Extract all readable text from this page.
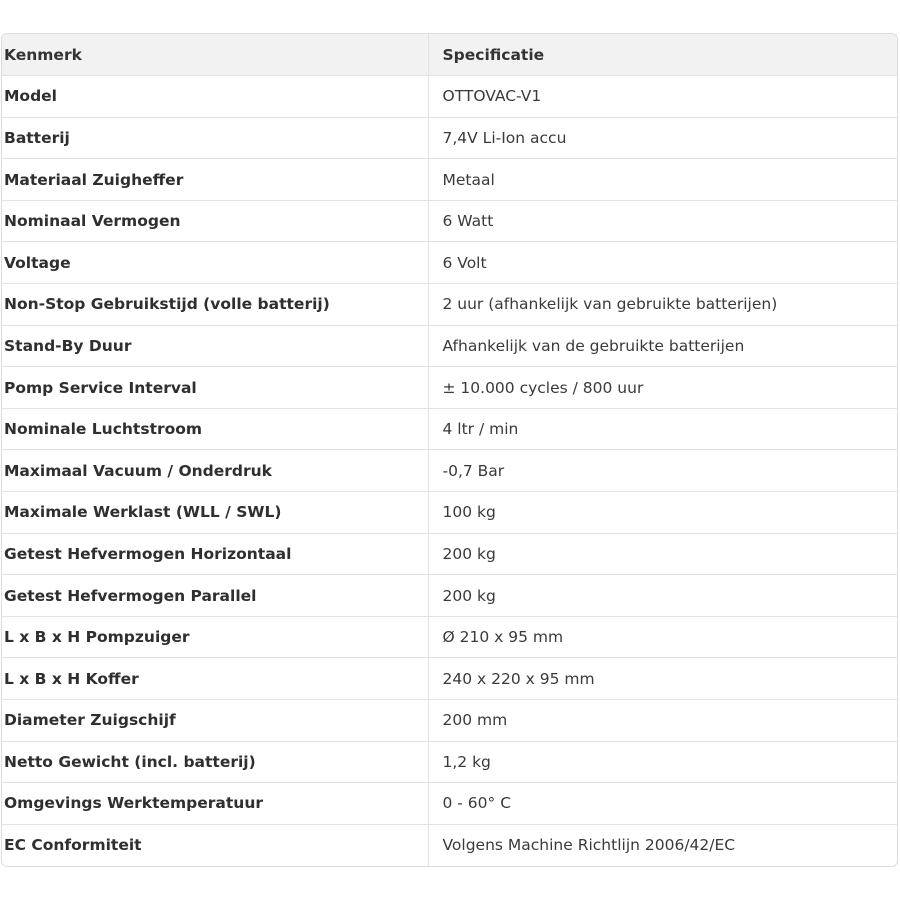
Kenmerk	Specificatie
Model	OTTOVAC-V1
Batterij	7,4V Li-Ion accu
Materiaal Zuigheffer	Metaal
Nominaal Vermogen	6 Watt
Voltage	6 Volt
Non-Stop Gebruikstijd (volle batterij)	2 uur (afhankelijk van gebruikte batterijen)
Stand-By Duur	Afhankelijk van de gebruikte batterijen
Pomp Service Interval	± 10.000 cycles / 800 uur
Nominale Luchtstroom	4 ltr / min
Maximaal Vacuum / Onderdruk	-0,7 Bar
Maximale Werklast (WLL / SWL)	100 kg
Getest Hefvermogen Horizontaal	200 kg
Getest Hefvermogen Parallel	200 kg
L x B x H Pompzuiger	Ø 210 x 95 mm
L x B x H Koffer	240 x 220 x 95 mm
Diameter Zuigschijf	200 mm
Netto Gewicht (incl. batterij)	1,2 kg
Omgevings Werktemperatuur	0 - 60° C
EC Conformiteit	Volgens Machine Richtlijn 2006/42/EC
